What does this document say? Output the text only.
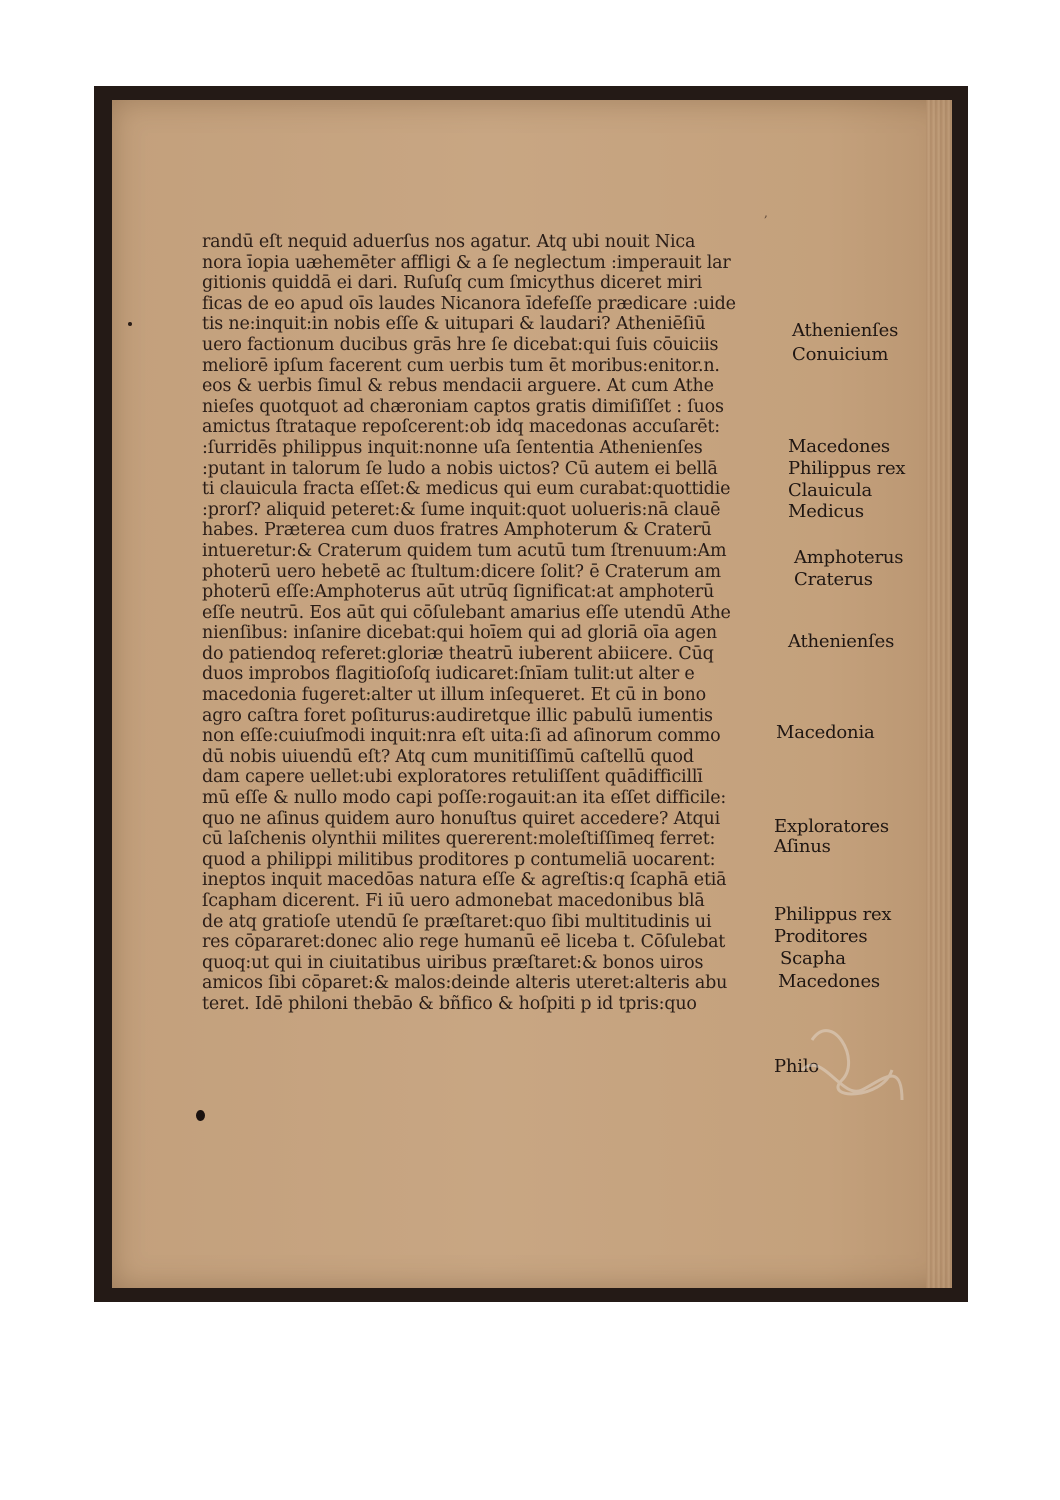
,
randū eſt nequid aduerſus nos agatur. Atq ubi nouit Nica
nora īopia uæhemēter affligi & a ſe neglectum :imperauit lar
gitionis quiddā ei dari. Ruſuſq cum ſmicythus diceret miri
ficas de eo apud oīs laudes Nicanora īdefeſſe prædicare :uide
tis ne:inquit:in nobis eſſe & uitupari & laudari? Atheniēſiū
uero factionum ducibus grās hre ſe dicebat:qui ſuis cōuiciis
meliorē ipſum facerent cum uerbis tum ēt moribus:enitor.n.
eos & uerbis ſimul & rebus mendacii arguere. At cum Athe
nieſes quotquot ad chæroniam captos gratis dimiſiſſet : ſuos
amictus ſtrataque repoſcerent:ob idq macedonas accuſarēt:
:ſurridēs philippus inquit:nonne uſa ſententia Athenienſes
:putant in talorum ſe ludo a nobis uictos? Cū autem ei bellā
ti clauicula fracta eſſet:& medicus qui eum curabat:quottidie
:prorſ? aliquid peteret:& ſume inquit:quot uolueris:nā clauē
habes. Præterea cum duos fratres Amphoterum & Craterū
intueretur:& Craterum quidem tum acutū tum ſtrenuum:Am
photerū uero hebetē ac ſtultum:dicere ſolit? ē Craterum am
photerū eſſe:Amphoterus aūt utrūq ſignificat:at amphoterū
eſſe neutrū. Eos aūt qui cōſulebant amarius eſſe utendū Athe
nienſibus: inſanire dicebat:qui hoīem qui ad gloriā oīa agen
do patiendoq referet:gloriæ theatrū iuberent abiicere. Cūq
duos improbos flagitioſoſq iudicaret:ſnīam tulit:ut alter e
macedonia fugeret:alter ut illum inſequeret. Et cū in bono
agro caſtra foret poſiturus:audiretque illic pabulū iumentis
non eſſe:cuiuſmodi inquit:nra eſt uita:ſi ad aſinorum commo
dū nobis uiuendū eſt? Atq cum munitiſſimū caſtellū quod
dam capere uellet:ubi exploratores retuliſſent quādifficillī
mū eſſe & nullo modo capi poſſe:rogauit:an ita eſſet difficile:
quo ne aſinus quidem auro honuſtus quiret accedere? Atqui
cū laſchenis olynthii milites quererent:moleſtiſſimeq ferret:
quod a philippi militibus proditores p contumeliā uocarent:
ineptos inquit macedōas natura eſſe & agreſtis:q ſcaphā etiā
ſcapham dicerent. Fi iū uero admonebat macedonibus blā
de atq gratioſe utendū ſe præſtaret:quo ſibi multitudinis ui
res cōpararet:donec alio rege humanū eē liceba t. Cōſulebat
quoq:ut qui in ciuitatibus uiribus præſtaret:& bonos uiros
amicos ſibi cōparet:& malos:deinde alteris uteret:alteris abu
teret. Idē philoni thebāo & bñfico & hoſpiti p id tpris:quo
Athenienſes
Conuicium
Macedones
Philippus rex
Clauicula
Medicus
Amphoterus
Craterus
Athenienſes
Macedonia
Exploratores
Aſinus
Philippus rex
Proditores
Scapha
Macedones
Philo
